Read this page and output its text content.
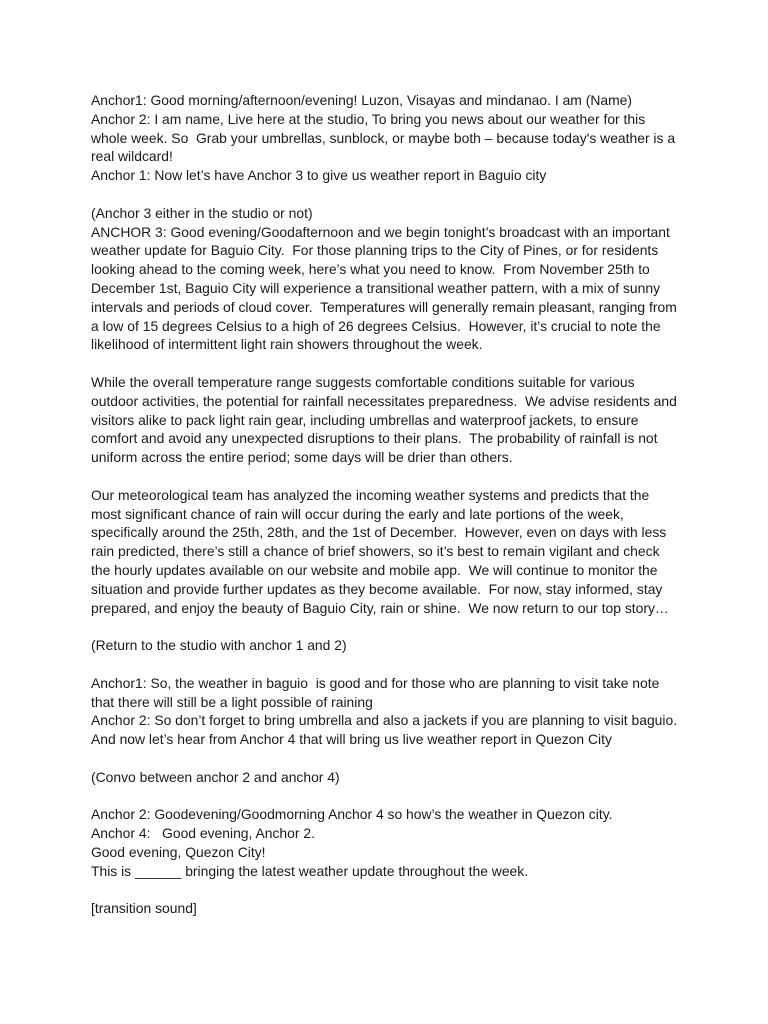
Anchor1: Good morning/afternoon/evening! Luzon, Visayas and mindanao. I am (Name)
Anchor 2: I am name, Live here at the studio, To bring you news about our weather for this
whole week. So  Grab your umbrellas, sunblock, or maybe both – because today's weather is a
real wildcard!
Anchor 1: Now let’s have Anchor 3 to give us weather report in Baguio city
(Anchor 3 either in the studio or not)
ANCHOR 3: Good evening/Goodafternoon and we begin tonight’s broadcast with an important
weather update for Baguio City.  For those planning trips to the City of Pines, or for residents
looking ahead to the coming week, here’s what you need to know.  From November 25th to
December 1st, Baguio City will experience a transitional weather pattern, with a mix of sunny
intervals and periods of cloud cover.  Temperatures will generally remain pleasant, ranging from
a low of 15 degrees Celsius to a high of 26 degrees Celsius.  However, it’s crucial to note the
likelihood of intermittent light rain showers throughout the week.
While the overall temperature range suggests comfortable conditions suitable for various
outdoor activities, the potential for rainfall necessitates preparedness.  We advise residents and
visitors alike to pack light rain gear, including umbrellas and waterproof jackets, to ensure
comfort and avoid any unexpected disruptions to their plans.  The probability of rainfall is not
uniform across the entire period; some days will be drier than others.
Our meteorological team has analyzed the incoming weather systems and predicts that the
most significant chance of rain will occur during the early and late portions of the week,
specifically around the 25th, 28th, and the 1st of December.  However, even on days with less
rain predicted, there’s still a chance of brief showers, so it’s best to remain vigilant and check
the hourly updates available on our website and mobile app.  We will continue to monitor the
situation and provide further updates as they become available.  For now, stay informed, stay
prepared, and enjoy the beauty of Baguio City, rain or shine.  We now return to our top story…
(Return to the studio with anchor 1 and 2)
Anchor1: So, the weather in baguio  is good and for those who are planning to visit take note
that there will still be a light possible of raining
Anchor 2: So don’t forget to bring umbrella and also a jackets if you are planning to visit baguio.
And now let’s hear from Anchor 4 that will bring us live weather report in Quezon City
(Convo between anchor 2 and anchor 4)
Anchor 2: Goodevening/Goodmorning Anchor 4 so how’s the weather in Quezon city.
Anchor 4:   Good evening, Anchor 2.
Good evening, Quezon City!
This is ______ bringing the latest weather update throughout the week.
[transition sound]
